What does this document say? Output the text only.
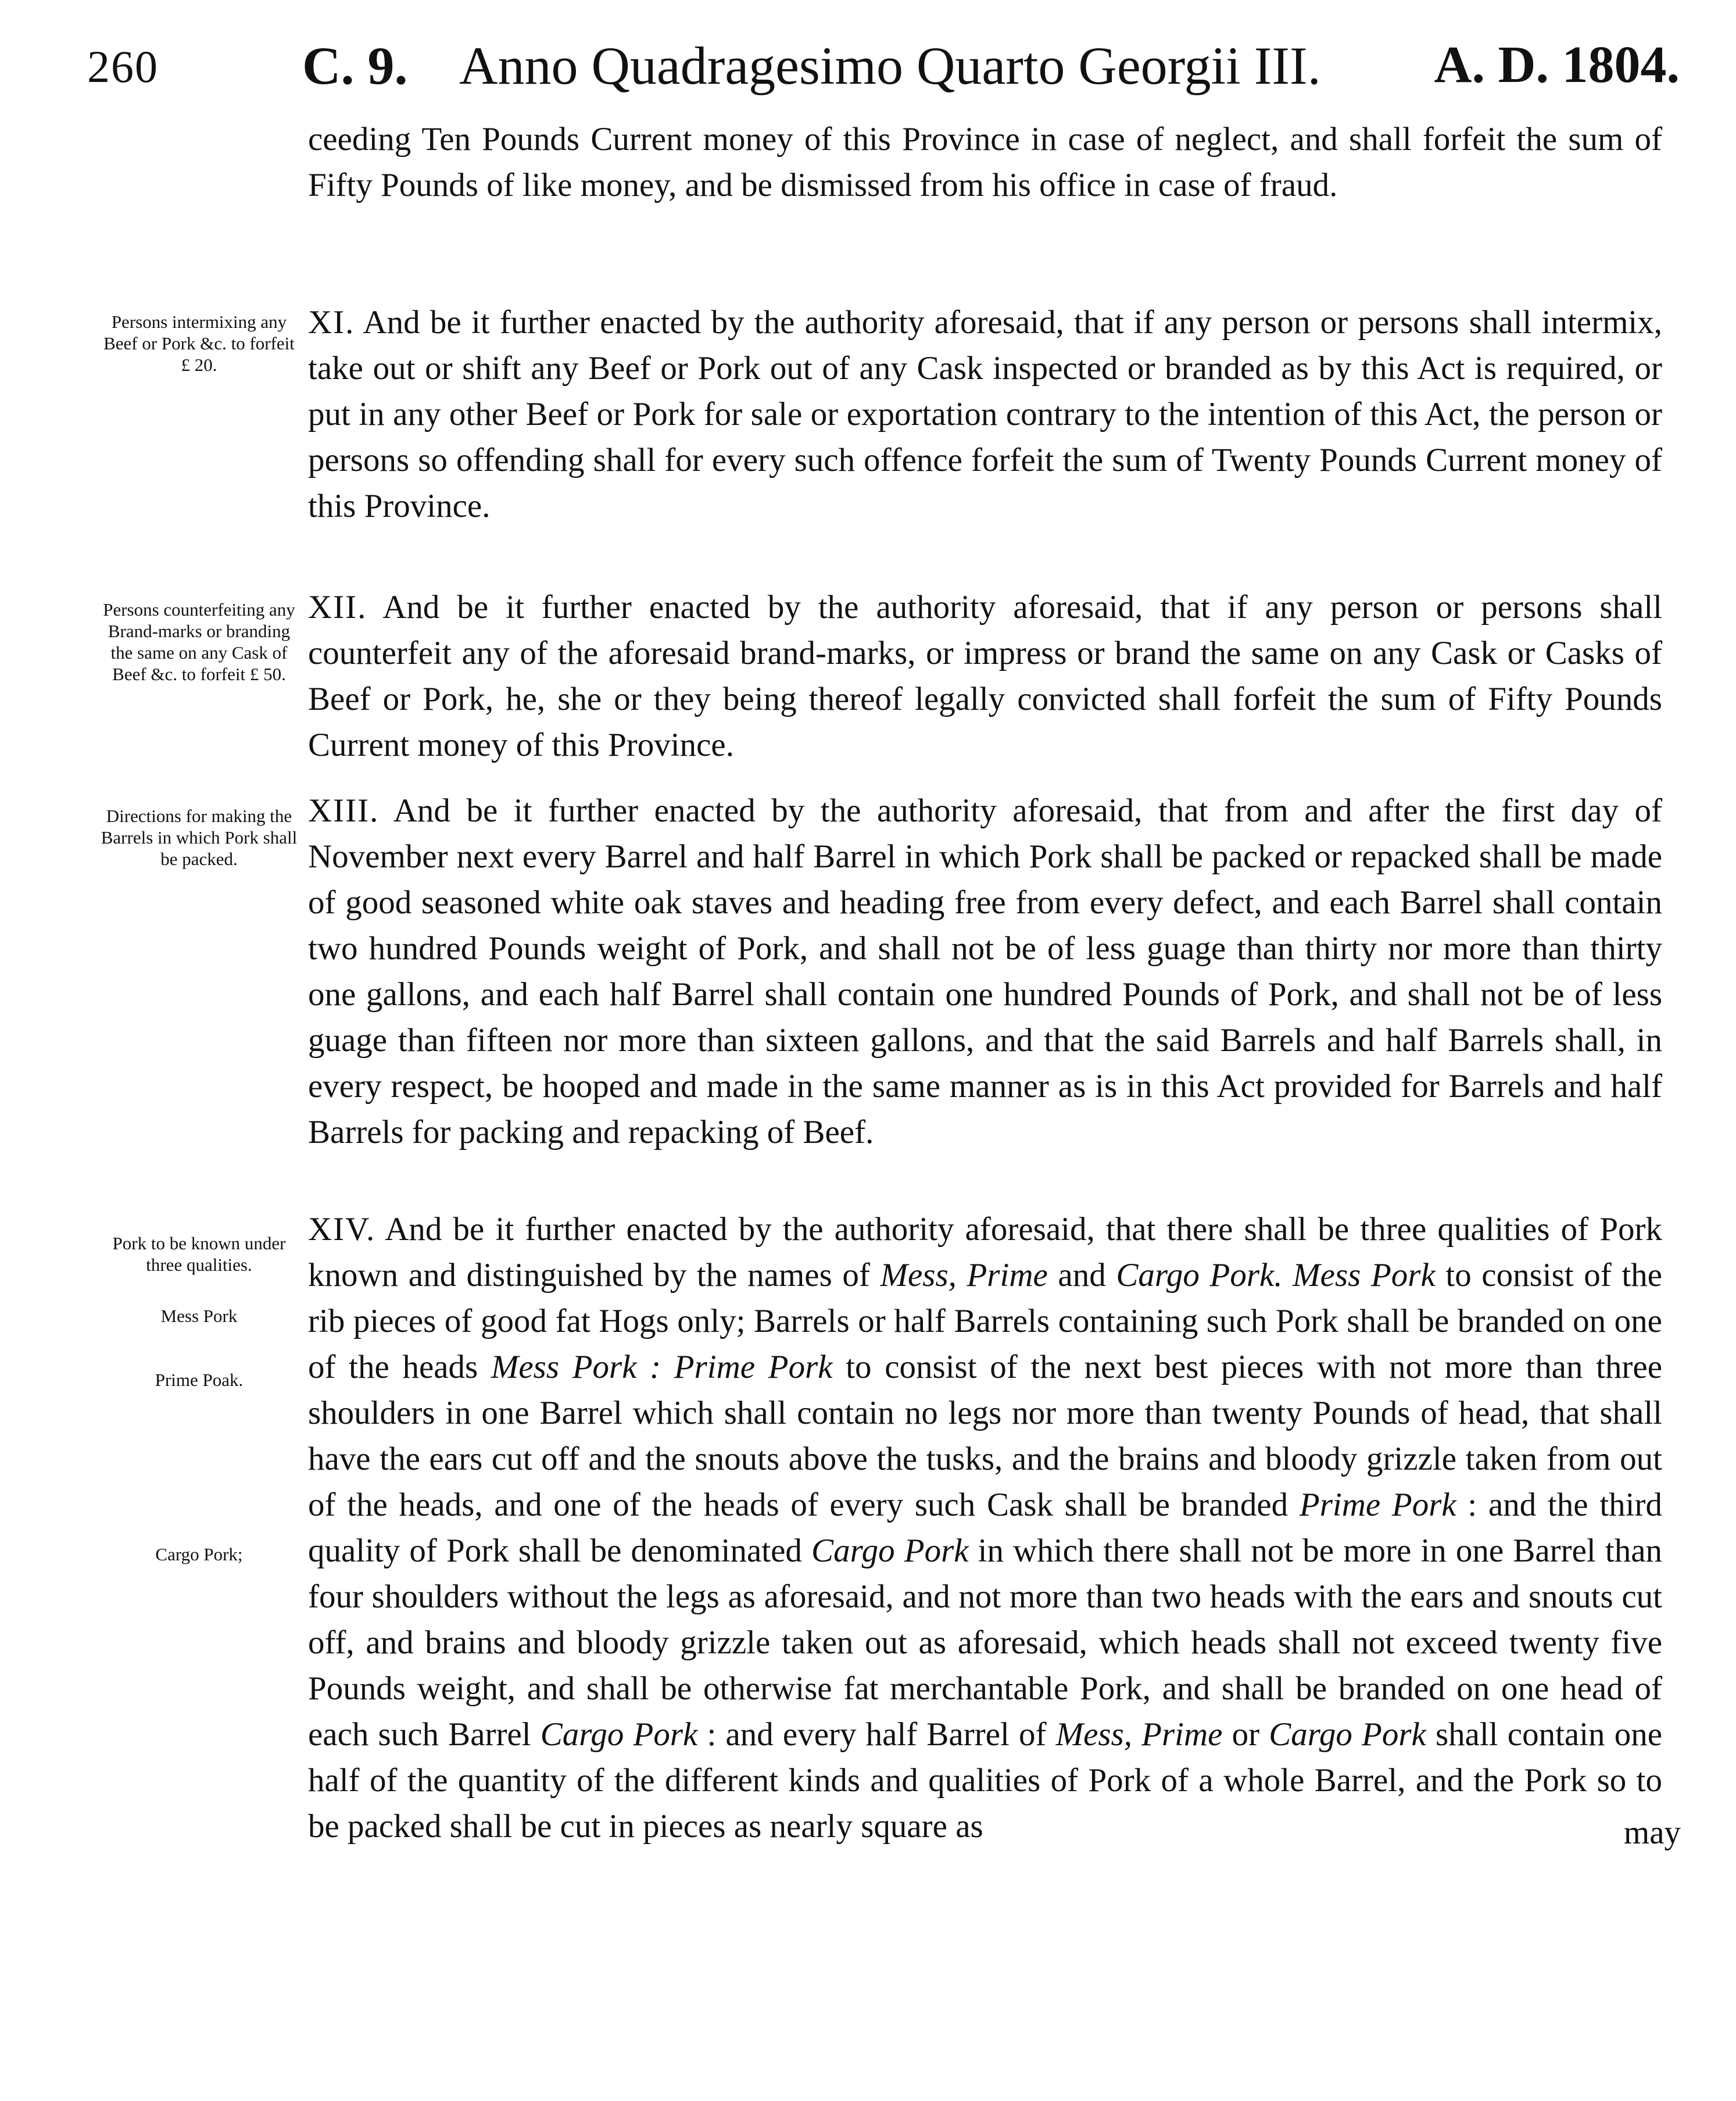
260	C. 9. Anno Quadragesimo Quarto Georgii III. A. D. 1804.
ceeding Ten Pounds Current money of this Province in case of neglect, and shall forfeit the sum of Fifty Pounds of like money, and be dismissed from his office in case of fraud.
Persons intermixing any Beef or Pork &c. to forfeit £ 20.
XI. And be it further enacted by the authority aforesaid, that if any person or persons shall intermix, take out or shift any Beef or Pork out of any Cask inspected or branded as by this Act is required, or put in any other Beef or Pork for sale or exportation contrary to the intention of this Act, the person or persons so offending shall for every such offence forfeit the sum of Twenty Pounds Current money of this Province.
Persons counterfeiting any Brand-marks or branding the same on any Cask of Beef &c. to forfeit £ 50.
XII. And be it further enacted by the authority aforesaid, that if any person or persons shall counterfeit any of the aforesaid brand-marks, or impress or brand the same on any Cask or Casks of Beef or Pork, he, she or they being thereof legally convicted shall forfeit the sum of Fifty Pounds Current money of this Province.
Directions for making the Barrels in which Pork shall be packed.
XIII. And be it further enacted by the authority aforesaid, that from and after the first day of November next every Barrel and half Barrel in which Pork shall be packed or repacked shall be made of good seasoned white oak staves and heading free from every defect, and each Barrel shall contain two hundred Pounds weight of Pork, and shall not be of less guage than thirty nor more than thirty one gallons, and each half Barrel shall contain one hundred Pounds of Pork, and shall not be of less guage than fifteen nor more than sixteen gallons, and that the said Barrels and half Barrels shall, in every respect, be hooped and made in the same manner as is in this Act provided for Barrels and half Barrels for packing and repacking of Beef.
Pork to be known under three qualities.
Mess Pork
Prime Poak.
Cargo Pork;
XIV. And be it further enacted by the authority aforesaid, that there shall be three qualities of Pork known and distinguished by the names of Mess, Prime and Cargo Pork. Mess Pork to consist of the rib pieces of good fat Hogs only; Barrels or half Barrels containing such Pork shall be branded on one of the heads Mess Pork : Prime Pork to consist of the next best pieces with not more than three shoulders in one Barrel which shall contain no legs nor more than twenty Pounds of head, that shall have the ears cut off and the snouts above the tusks, and the brains and bloody grizzle taken from out of the heads, and one of the heads of every such Cask shall be branded Prime Pork : and the third quality of Pork shall be denominated Cargo Pork in which there shall not be more in one Barrel than four shoulders without the legs as aforesaid, and not more than two heads with the ears and snouts cut off, and brains and bloody grizzle taken out as aforesaid, which heads shall not exceed twenty five Pounds weight, and shall be otherwise fat merchantable Pork, and shall be branded on one head of each such Barrel Cargo Pork : and every half Barrel of Mess, Prime or Cargo Pork shall contain one half of the quantity of the different kinds and qualities of Pork of a whole Barrel, and the Pork so to be packed shall be cut in pieces as nearly square as	may
